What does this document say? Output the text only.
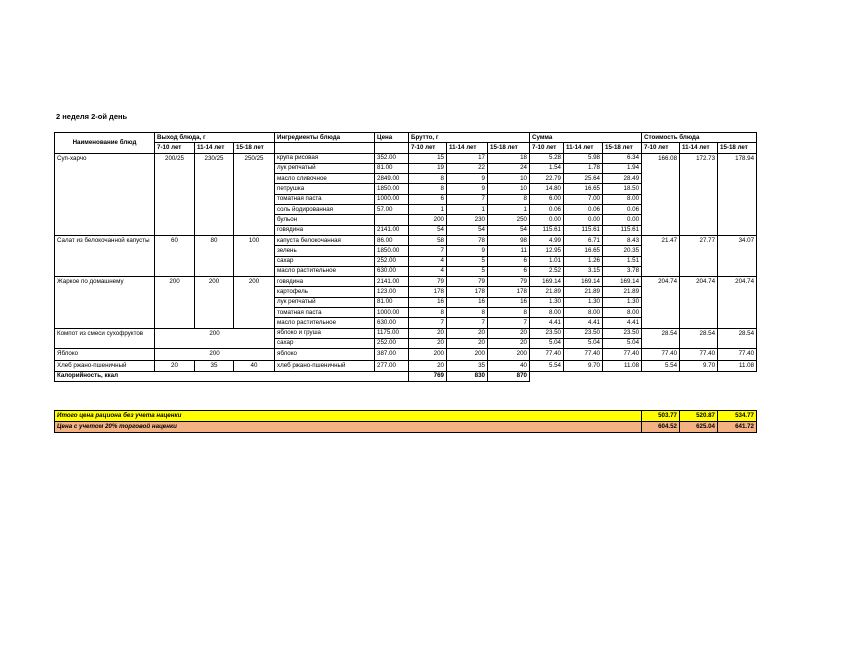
2 неделя 2-ой день
Наименование блюд	Выход блюда, г			Ингредиенты блюда	Цена	Брутто, г			Сумма			Стоимость блюда		
	7-10 лет	11-14 лет	15-18 лет			7-10 лет	11-14 лет	15-18 лет	7-10 лет	11-14 лет	15-18 лет	7-10 лет	11-14 лет	15-18 лет
Суп-харчо	200/25	230/25	250/25	крупа рисовая	352.00	15	17	18	5.28	5.98	6.34	166.08	172.73	178.94
				лук репчатый	81.00	19	22	24	1.54	1.78	1.94			
				масло сливочное	2849.00	8	9	10	22.79	25.64	28.49			
				петрушка	1850.00	8	9	10	14.80	16.65	18.50			
				томатная паста	1000.00	6	7	8	6.00	7.00	8.00			
				соль йодированная	57.00	1	1	1	0.06	0.06	0.06			
				бульон		200	230	250	0.00	0.00	0.00			
				говядина	2141.00	54	54	54	115.61	115.61	115.61			
Салат из белокочанной капусты	60	80	100	капуста белокочанная	86.00	58	78	98	4.99	6.71	8.43	21.47	27.77	34.07
				зелень	1850.00	7	9	11	12.95	16.65	20.35			
				сахар	252.00	4	5	6	1.01	1.26	1.51			
				масло растительное	630.00	4	5	6	2.52	3.15	3.78			
Жаркое по домашнему	200	200	200	говядина	2141.00	79	79	79	169.14	169.14	169.14	204.74	204.74	204.74
				картофель	123.00	178	178	178	21.89	21.89	21.89			
				лук репчатый	81.00	16	16	16	1.30	1.30	1.30			
				томатная паста	1000.00	8	8	8	8.00	8.00	8.00			
				масло растительное	630.00	7	7	7	4.41	4.41	4.41			
Компот из смеси сухофруктов	200			яблоко и груша	1175.00	20	20	20	23.50	23.50	23.50	28.54	28.54	28.54
				сахар	252.00	20	20	20	5.04	5.04	5.04			
Яблоко	200			яблоко	387.00	200	200	200	77.40	77.40	77.40	77.40	77.40	77.40
Хлеб ржано-пшеничный	20	35	40	хлеб ржано-пшеничный	277.00	20	35	40	5.54	9.70	11.08	5.54	9.70	11.08
Калорийность, ккал						769	830	870						
Итого цена рациона без учета наценки	503.77	520.87	534.77
Цена с учетом 20% торговой наценки	604.52	625.04	641.72
